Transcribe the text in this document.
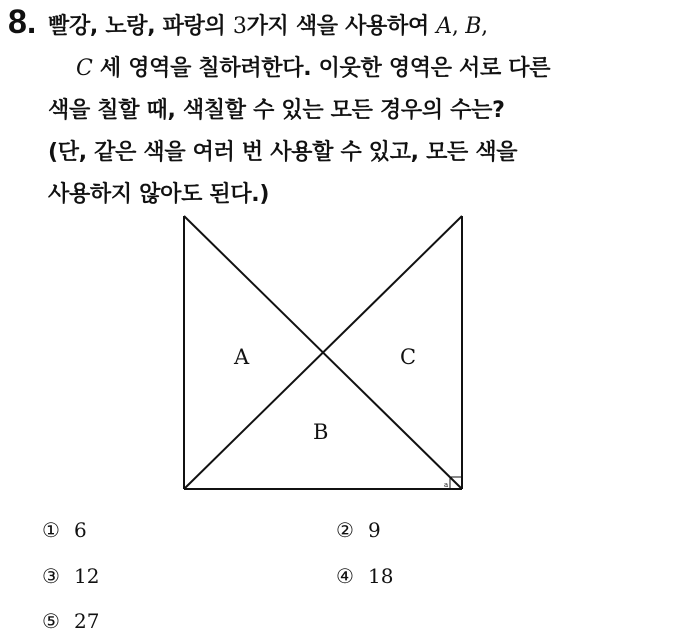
8. 빨강, 노랑, 파랑의 3가지 색을 사용하여 A, B,
C 세 영역을 칠하려한다. 이웃한 영역은 서로 다른
색을 칠할 때, 색칠할 수 있는 모든 경우의 수는?
(단, 같은 색을 여러 번 사용할 수 있고, 모든 색을
사용하지 않아도 된다.)
a
A	C
B
① 6	② 9
③ 12	④ 18
⑤ 27
